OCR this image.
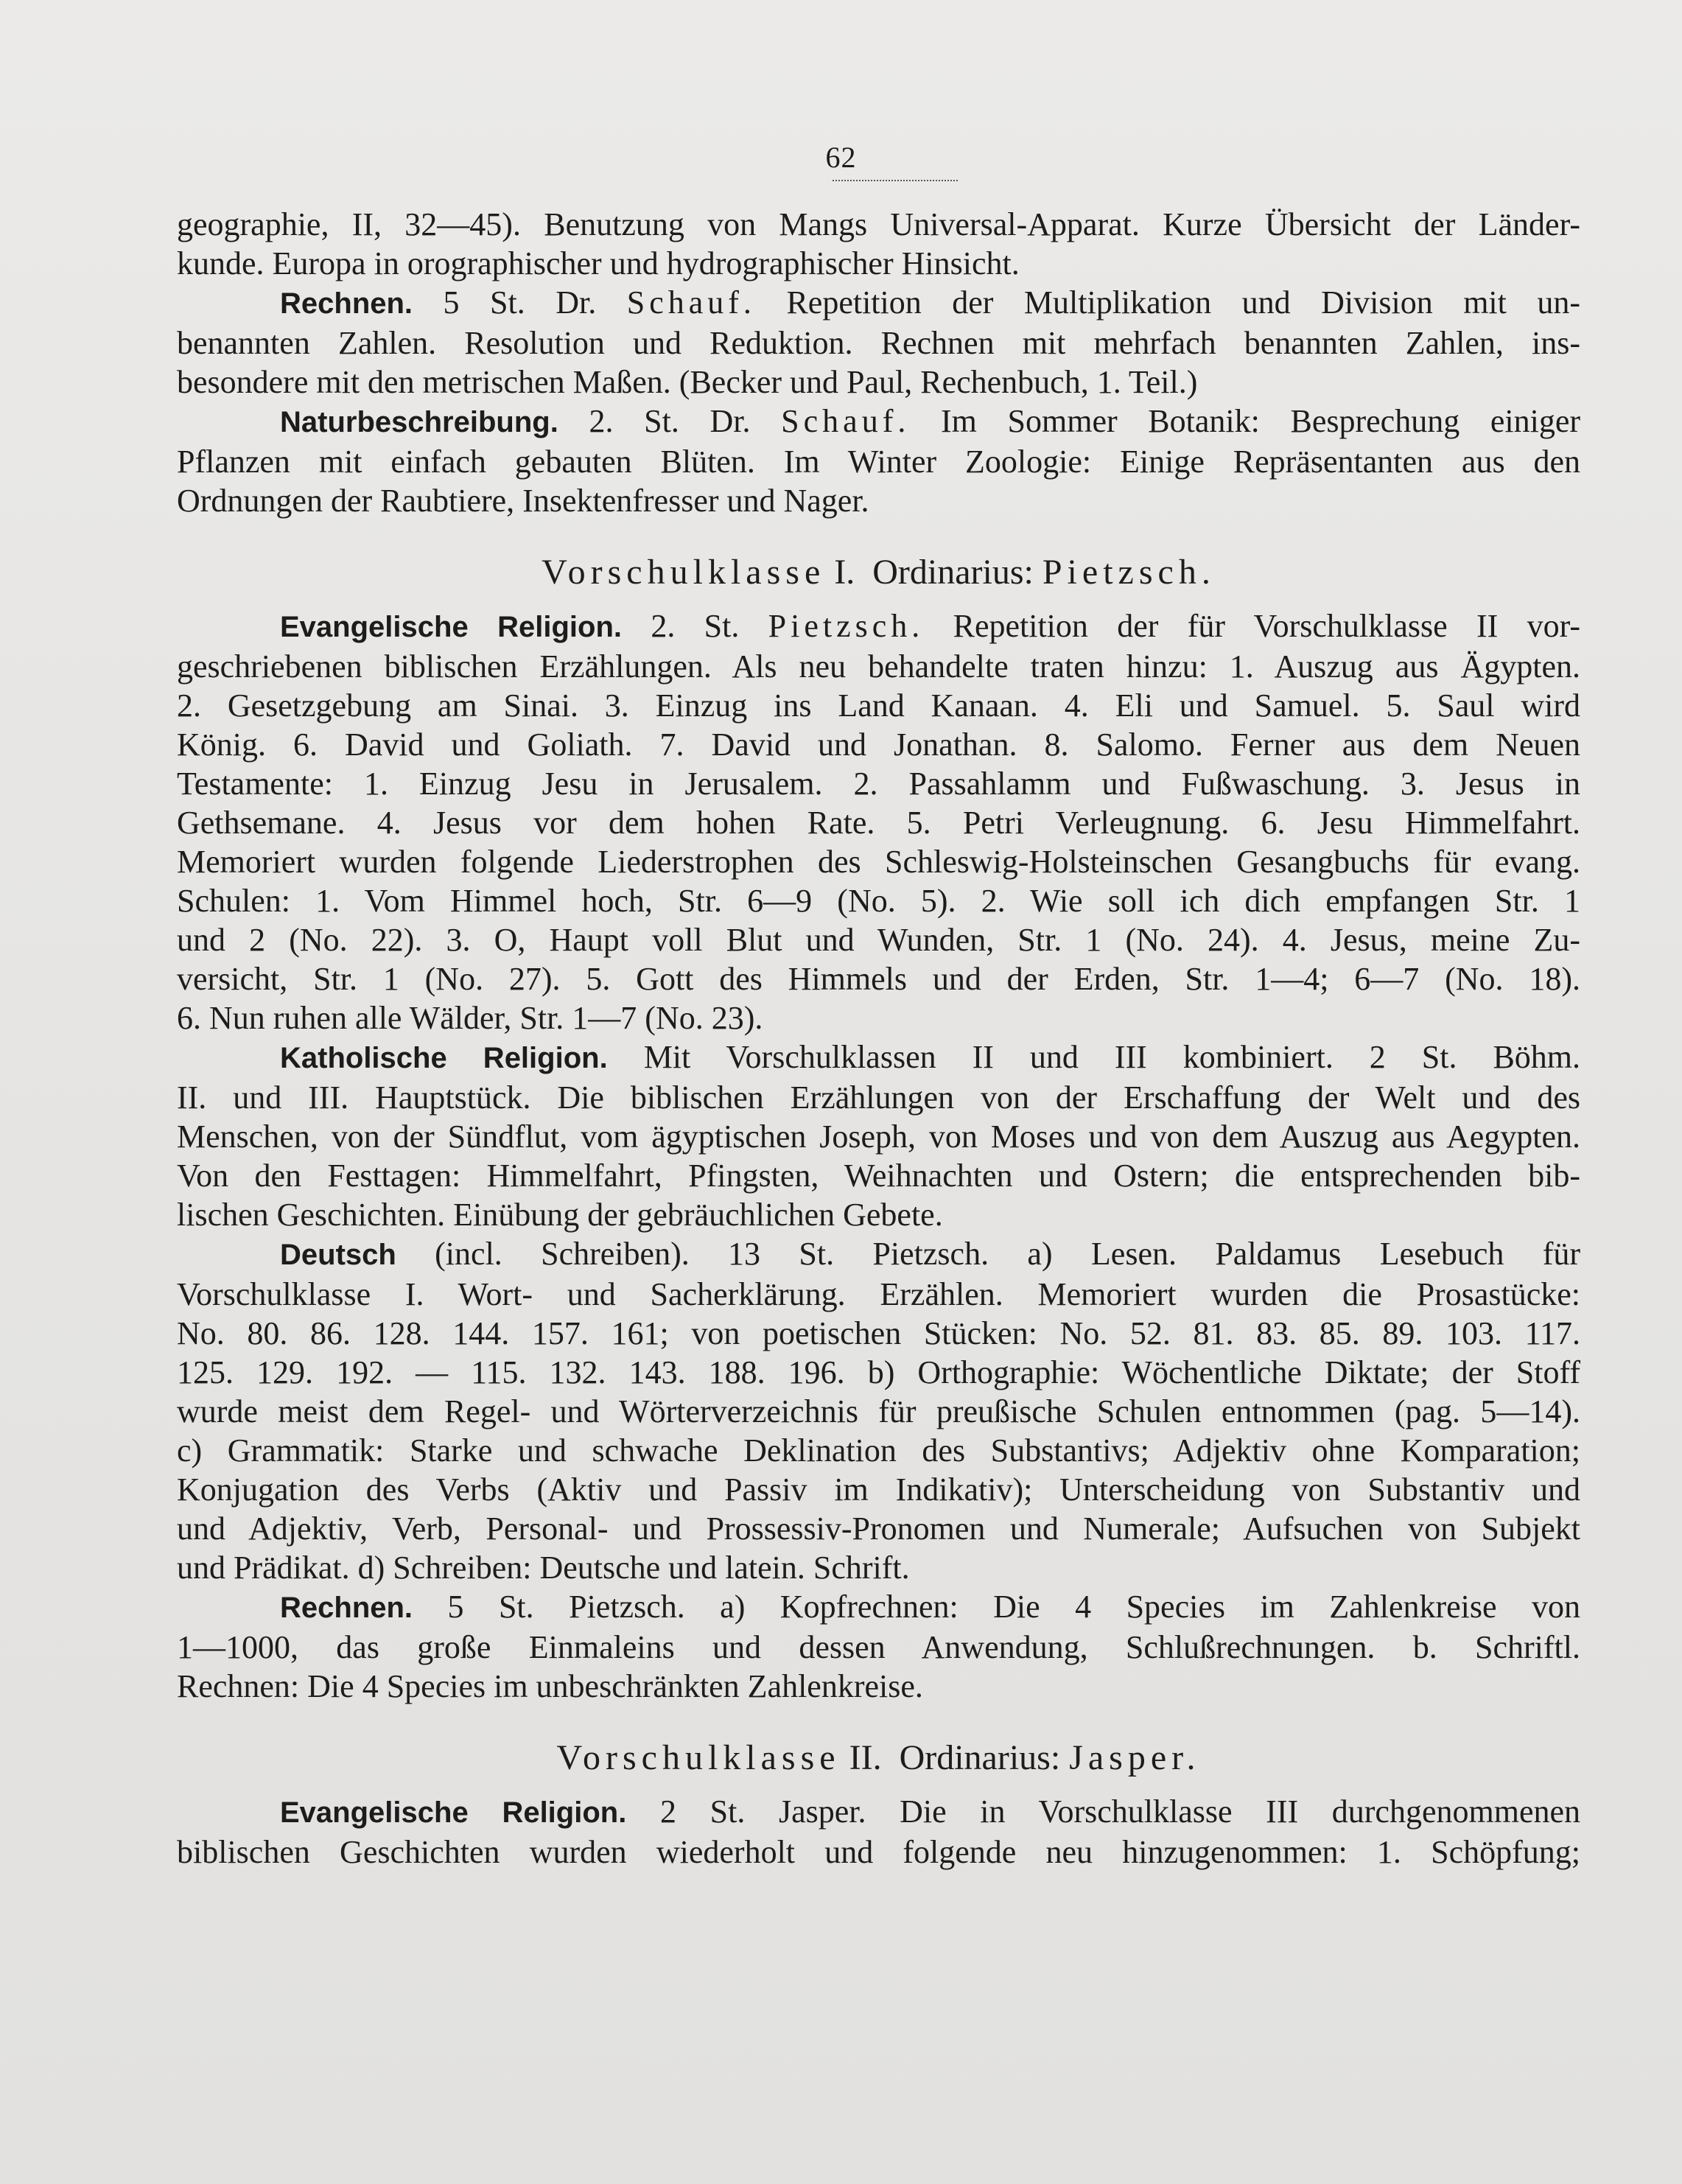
62

geographie, II, 32—45). Benutzung von Mangs Universal-Apparat. Kurze Übersicht der Länder-
kunde. Europa in orographischer und hydrographischer Hinsicht.

Rechnen. 5 St. Dr. Schauf. Repetition der Multiplikation und Division mit un-
benannten Zahlen. Resolution und Reduktion. Rechnen mit mehrfach benannten Zahlen, ins-
besondere mit den metrischen Maßen. (Becker und Paul, Rechenbuch, 1. Teil.)

Naturbeschreibung. 2. St. Dr. Schauf. Im Sommer Botanik: Besprechung einiger
Pflanzen mit einfach gebauten Blüten. Im Winter Zoologie: Einige Repräsentanten aus den
Ordnungen der Raubtiere, Insektenfresser und Nager.

Vorschulklasse I. Ordinarius: Pietzsch.

Evangelische Religion. 2. St. Pietzsch. Repetition der für Vorschulklasse II vor-
geschriebenen biblischen Erzählungen. Als neu behandelte traten hinzu: 1. Auszug aus Ägypten.
2. Gesetzgebung am Sinai. 3. Einzug ins Land Kanaan. 4. Eli und Samuel. 5. Saul wird
König. 6. David und Goliath. 7. David und Jonathan. 8. Salomo. Ferner aus dem Neuen
Testamente: 1. Einzug Jesu in Jerusalem. 2. Passahlamm und Fußwaschung. 3. Jesus in
Gethsemane. 4. Jesus vor dem hohen Rate. 5. Petri Verleugnung. 6. Jesu Himmelfahrt.
Memoriert wurden folgende Liederstrophen des Schleswig-Holsteinschen Gesangbuchs für evang.
Schulen: 1. Vom Himmel hoch, Str. 6—9 (No. 5). 2. Wie soll ich dich empfangen Str. 1
und 2 (No. 22). 3. O, Haupt voll Blut und Wunden, Str. 1 (No. 24). 4. Jesus, meine Zu-
versicht, Str. 1 (No. 27). 5. Gott des Himmels und der Erden, Str. 1—4; 6—7 (No. 18).
6. Nun ruhen alle Wälder, Str. 1—7 (No. 23).

Katholische Religion. Mit Vorschulklassen II und III kombiniert. 2 St. Böhm.
II. und III. Hauptstück. Die biblischen Erzählungen von der Erschaffung der Welt und des
Menschen, von der Sündflut, vom ägyptischen Joseph, von Moses und von dem Auszug aus Aegypten.
Von den Festtagen: Himmelfahrt, Pfingsten, Weihnachten und Ostern; die entsprechenden bib-
lischen Geschichten. Einübung der gebräuchlichen Gebete.

Deutsch (incl. Schreiben). 13 St. Pietzsch. a) Lesen. Paldamus Lesebuch für
Vorschulklasse I. Wort- und Sacherklärung. Erzählen. Memoriert wurden die Prosastücke:
No. 80. 86. 128. 144. 157. 161; von poetischen Stücken: No. 52. 81. 83. 85. 89. 103. 117.
125. 129. 192. — 115. 132. 143. 188. 196. b) Orthographie: Wöchentliche Diktate; der Stoff
wurde meist dem Regel- und Wörterverzeichnis für preußische Schulen entnommen (pag. 5—14).
c) Grammatik: Starke und schwache Deklination des Substantivs; Adjektiv ohne Komparation;
Konjugation des Verbs (Aktiv und Passiv im Indikativ); Unterscheidung von Substantiv und
und Adjektiv, Verb, Personal- und Prossessiv-Pronomen und Numerale; Aufsuchen von Subjekt
und Prädikat. d) Schreiben: Deutsche und latein. Schrift.

Rechnen. 5 St. Pietzsch. a) Kopfrechnen: Die 4 Species im Zahlenkreise von
1—1000, das große Einmaleins und dessen Anwendung, Schlußrechnungen. b. Schriftl.
Rechnen: Die 4 Species im unbeschränkten Zahlenkreise.

Vorschulklasse II. Ordinarius: Jasper.

Evangelische Religion. 2 St. Jasper. Die in Vorschulklasse III durchgenommenen
biblischen Geschichten wurden wiederholt und folgende neu hinzugenommen: 1. Schöpfung;
